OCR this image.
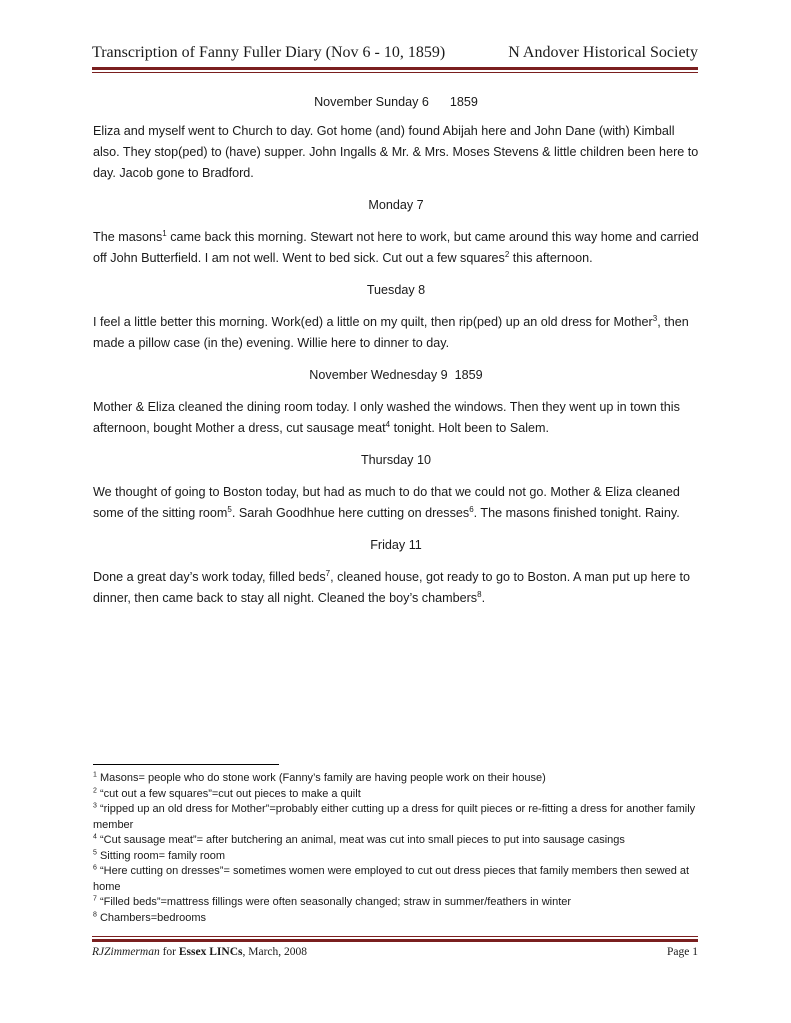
Transcription of Fanny Fuller Diary (Nov 6 - 10, 1859)	N Andover Historical Society

November Sunday 6      1859

Eliza and myself went to Church to day. Got home (and) found Abijah here and John Dane (with) Kimball also. They stop(ped) to (have) supper. John Ingalls & Mr. & Mrs. Moses Stevens & little children been here to day. Jacob gone to Bradford.

Monday 7

The masons$^1$ came back this morning. Stewart not here to work, but came around this way home and carried off John Butterfield. I am not well. Went to bed sick. Cut out a few squares$^2$ this afternoon.

Tuesday 8

I feel a little better this morning. Work(ed) a little on my quilt, then rip(ped) up an old dress for Mother$^3$, then made a pillow case (in the) evening. Willie here to dinner to day.

November Wednesday 9  1859

Mother & Eliza cleaned the dining room today. I only washed the windows. Then they went up in town this afternoon, bought Mother a dress, cut sausage meat$^4$ tonight. Holt been to Salem.

Thursday 10

We thought of going to Boston today, but had as much to do that we could not go. Mother & Eliza cleaned some of the sitting room$^5$. Sarah Goodhhue here cutting on dresses$^6$. The masons finished tonight. Rainy.

Friday 11

Done a great day’s work today, filled beds$^7$, cleaned house, got ready to go to Boston. A man put up here to dinner, then came back to stay all night. Cleaned the boy’s chambers$^8$.

$^1$ Masons= people who do stone work (Fanny’s family are having people work on their house)

$^2$ “cut out a few squares”=cut out pieces to make a quilt

$^3$ “ripped up an old dress for Mother”=probably either cutting up a dress for quilt pieces or re-fitting a dress for another family member

$^4$ “Cut sausage meat”= after butchering an animal, meat was cut into small pieces to put into sausage casings

$^5$ Sitting room= family room

$^6$ “Here cutting on dresses”= sometimes women were employed to cut out dress pieces that family members then sewed at home

$^7$ “Filled beds”=mattress fillings were often seasonally changed; straw in summer/feathers in winter

$^8$ Chambers=bedrooms

RJZimmerman for Essex LINCs, March, 2008	Page 1
